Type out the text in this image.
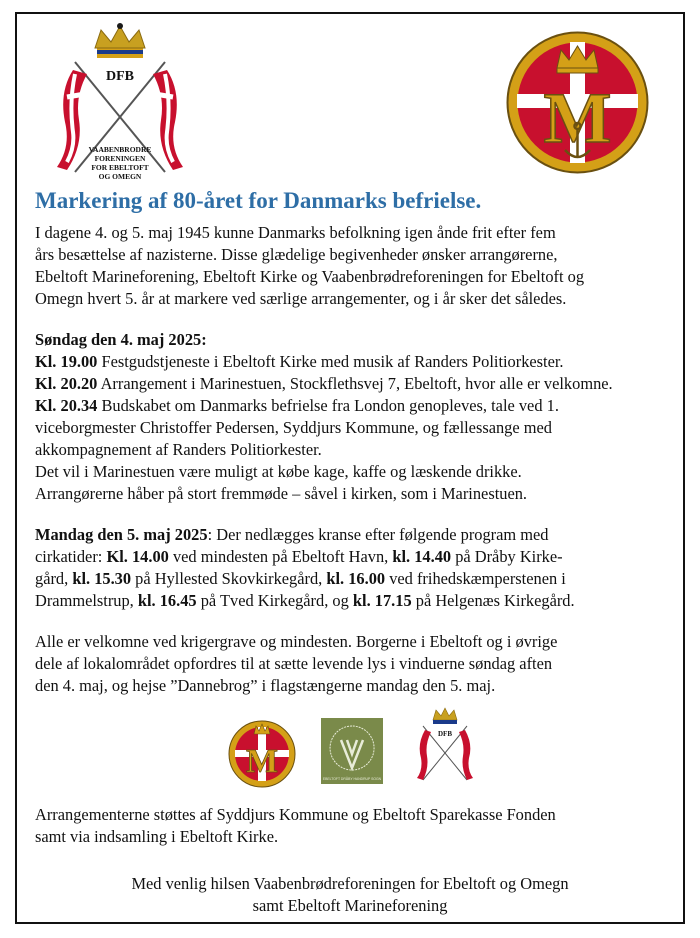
DFB
VAABENBRODRE
FORENINGEN
FOR EBELTOFT
OG OMEGN
M
Markering af 80-året for Danmarks befrielse.
I dagene 4. og 5. maj 1945 kunne Danmarks befolkning igen ånde frit efter fem
års besættelse af nazisterne. Disse glædelige begivenheder ønsker arrangørerne,
Ebeltoft Marineforening, Ebeltoft Kirke og Vaabenbrødreforeningen for Ebeltoft og
Omegn hvert 5. år at markere ved særlige arrangementer, og i år sker det således.
Søndag den 4. maj 2025:
Kl. 19.00 Festgudstjeneste i Ebeltoft Kirke med musik af Randers Politiorkester.
Kl. 20.20 Arrangement i Marinestuen, Stockflethsvej 7, Ebeltoft, hvor alle er velkomne.
Kl. 20.34 Budskabet om Danmarks befrielse fra London genopleves, tale ved 1.
viceborgmester Christoffer Pedersen, Syddjurs Kommune, og fællessange med
akkompagnement af Randers Politiorkester.
Det vil i Marinestuen være muligt at købe kage, kaffe og læskende drikke.
Arrangørerne håber på stort fremmøde – såvel i kirken, som i Marinestuen.
Mandag den 5. maj 2025: Der nedlægges kranse efter følgende program med
cirkatider: Kl. 14.00 ved mindesten på Ebeltoft Havn, kl. 14.40 på Dråby Kirke-
gård, kl. 15.30 på Hyllested Skovkirkegård, kl. 16.00 ved frihedskæmperstenen i
Drammelstrup, kl. 16.45 på Tved Kirkegård, og kl. 17.15 på Helgenæs Kirkegård.
Alle er velkomne ved krigergrave og mindesten. Borgerne i Ebeltoft og i øvrige
dele af lokalområdet opfordres til at sætte levende lys i vinduerne søndag aften
den 4. maj, og hejse ”Dannebrog” i flagstængerne mandag den 5. maj.
M	EBELTOFT DRÅBY HANDRUP SOGN
DFB
Arrangementerne støttes af Syddjurs Kommune og Ebeltoft Sparekasse Fonden
samt via indsamling i Ebeltoft Kirke.
Med venlig hilsen Vaabenbrødreforeningen for Ebeltoft og Omegn
samt Ebeltoft Marineforening
